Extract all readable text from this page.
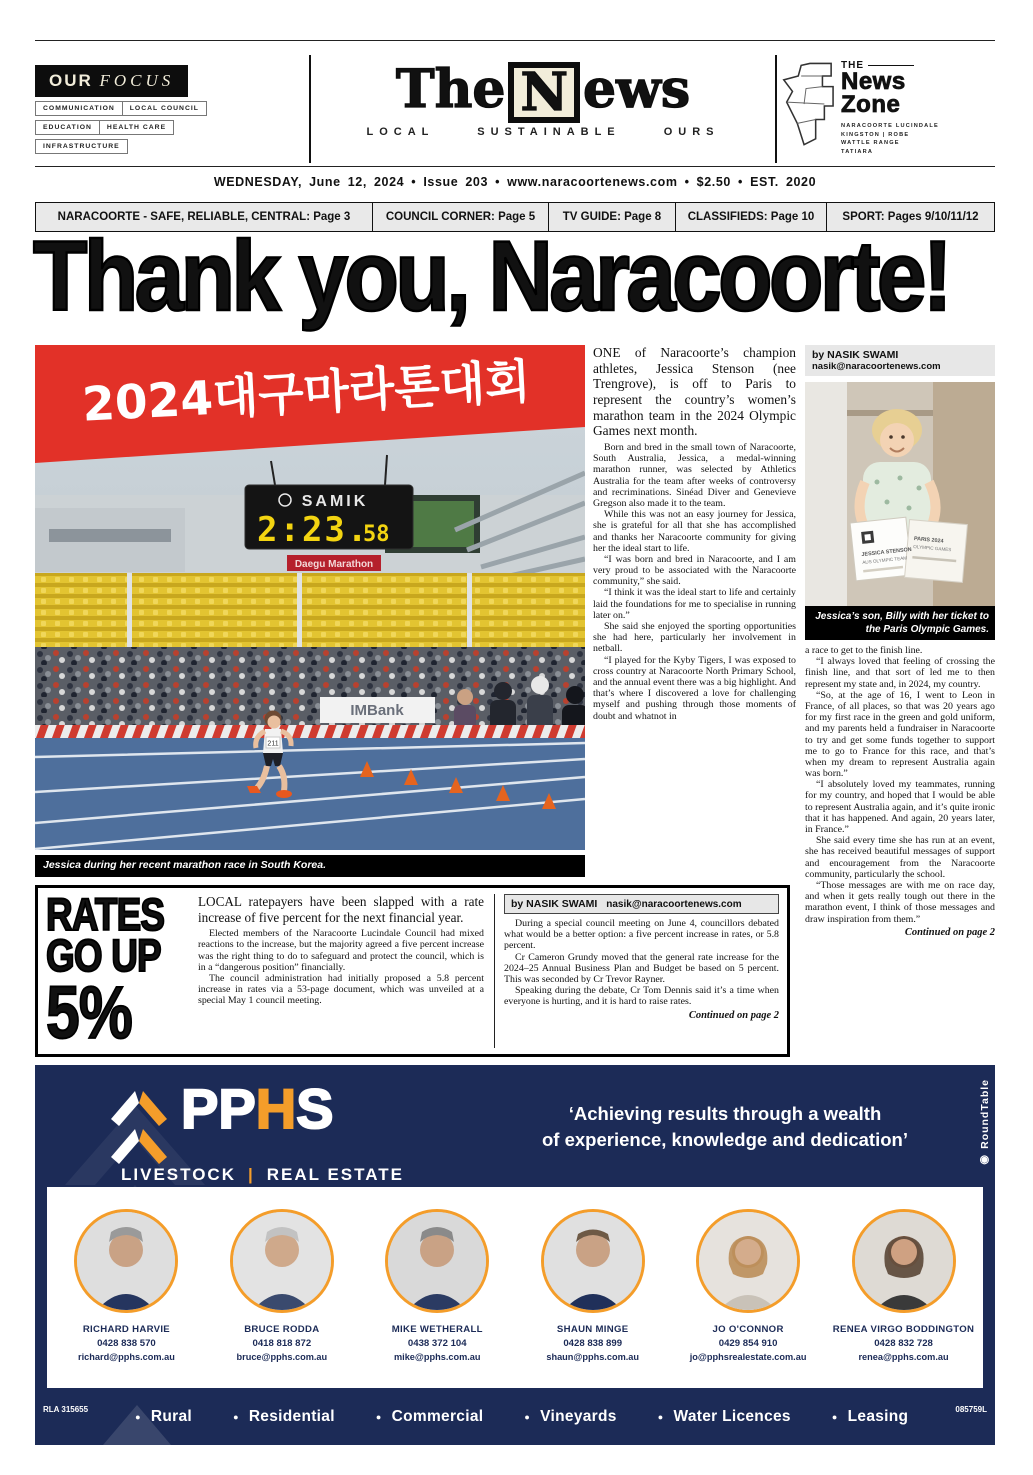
OUR FOCUS
COMMUNICATION LOCAL COUNCIL
EDUCATION HEALTH CARE
INFRASTRUCTURE
The N ews
LOCAL SUSTAINABLE OURS
THE
News
Zone
NARACOORTE LUCINDALE
KINGSTON | ROBE
WATTLE RANGE
TATIARA
WEDNESDAY, June 12, 2024 • Issue 203 • www.naracoortenews.com • $2.50 • EST. 2020
NARACOORTE - SAFE, RELIABLE, CENTRAL: Page 3	COUNCIL CORNER: Page 5	TV GUIDE: Page 8	CLASSIFIEDS: Page 10	SPORT: Pages 9/10/11/12
Thank you, Naracoorte!
IMBank
2024대구마라톤대회
SAMIK
2:23.
58
Daegu Marathon
211
Jessica during her recent marathon race in South Korea.

ONE of Naracoorte’s champion athletes, Jessica Stenson (nee Trengrove), is off to Paris to represent the country’s women’s marathon team in the 2024 Olympic Games next month.

Born and bred in the small town of Naracoorte, South Australia, Jessica, a medal-winning marathon runner, was selected by Athletics Australia for the team after weeks of controversy and recriminations. Sinéad Diver and Genevieve Gregson also made it to the team.

While this was not an easy journey for Jessica, she is grateful for all that she has accomplished and thanks her Naracoorte community for giving her the ideal start to life.

“I was born and bred in Naracoorte, and I am very proud to be associated with the Naracoorte community,” she said.

“I think it was the ideal start to life and certainly laid the foundations for me to specialise in running later on.”

She said she enjoyed the sporting opportunities she had here, particularly her involvement in netball.

“I played for the Kyby Tigers, I was exposed to cross country at Naracoorte North Primary School, and the annual event there was a big highlight. And that’s where I discovered a love for challenging myself and pushing through those moments of doubt and whatnot in

by NASIK SWAMI
nasik@naracoortenews.com
JESSICA STENSON
AUS OLYMPIC TEAM
PARIS 2024
OLYMPIC GAMES
Jessica’s son, Billy with her ticket to
the Paris Olympic Games.

a race to get to the finish line.

“I always loved that feeling of crossing the finish line, and that sort of led me to then represent my state and, in 2024, my country.

“So, at the age of 16, I went to Leon in France, of all places, so that was 20 years ago for my first race in the green and gold uniform, and my parents held a fundraiser in Naracoorte to try and get some funds together to support me to go to France for this race, and that’s when my dream to represent Australia again was born.”

“I absolutely loved my teammates, running for my country, and hoped that I would be able to represent Australia again, and it’s quite ironic that it has happened. And again, 20 years later, in France.”

She said every time she has run at an event, she has received beautiful messages of support and encouragement from the Naracoorte community, particularly the school.

“Those messages are with me on race day, and when it gets really tough out there in the marathon event, I think of those messages and draw inspiration from them.”

Continued on page 2

RATES
GO UP
5%

LOCAL ratepayers have been slapped with a rate increase of five percent for the next financial year.

Elected members of the Naracoorte Lucindale Council had mixed reactions to the increase, but the majority agreed a five percent increase was the right thing to do to safeguard and protect the council, which is in a “dangerous position” financially.

The council administration had initially proposed a 5.8 percent increase in rates via a 53-page document, which was unveiled at a special May 1 council meeting.

by NASIK SWAMI nasik@naracoortenews.com

During a special council meeting on June 4, councillors debated what would be a better option: a five percent increase in rates, or 5.8 percent.

Cr Cameron Grundy moved that the general rate increase for the 2024–25 Annual Business Plan and Budget be based on 5 percent. This was seconded by Cr Trevor Rayner.

Speaking during the debate, Cr Tom Dennis said it’s a time when everyone is hurting, and it is hard to raise rates.

Continued on page 2

PPHS
LIVESTOCK | REAL ESTATE
‘Achieving results through a wealth
of experience, knowledge and dedication’
◉ RoundTable
RICHARD HARVIE
0428 838 570
richard@pphs.com.au
BRUCE RODDA
0418 818 872
bruce@pphs.com.au
MIKE WETHERALL
0438 372 104
mike@pphs.com.au
SHAUN MINGE
0428 838 899
shaun@pphs.com.au
JO O'CONNOR
0429 854 910
jo@pphsrealestate.com.au
RENEA VIRGO BODDINGTON
0428 832 728
renea@pphs.com.au
RLA 315655
● Rural	● Residential	● Commercial	● Vineyards	● Water Licences	● Leasing	085759L
